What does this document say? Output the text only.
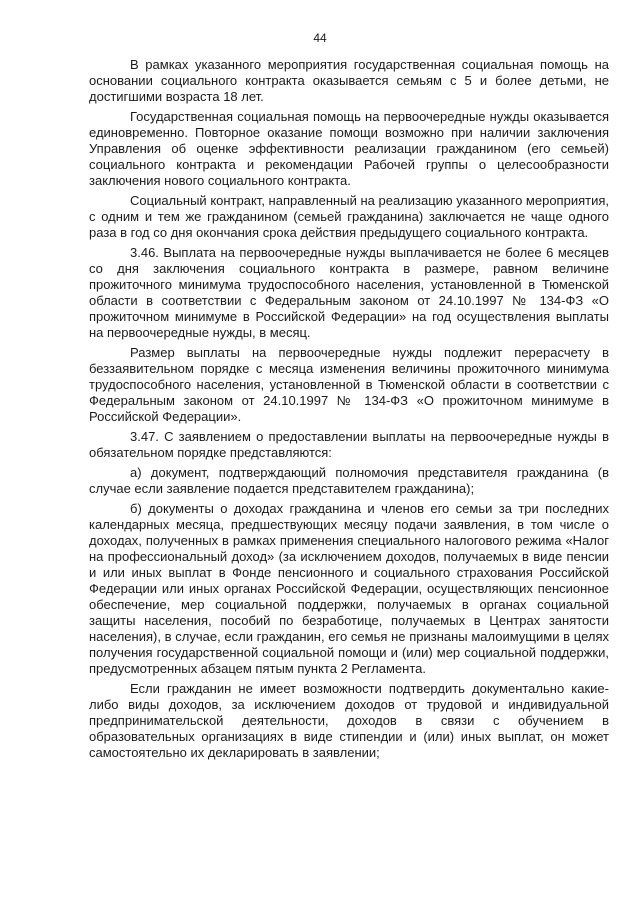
44

В рамках указанного мероприятия государственная социальная помощь на основании социального контракта оказывается семьям с 5 и более детьми, не достигшими возраста 18 лет.

Государственная социальная помощь на первоочередные нужды оказывается единовременно. Повторное оказание помощи возможно при наличии заключения Управления об оценке эффективности реализации гражданином (его семьей) социального контракта и рекомендации Рабочей группы о целесообразности заключения нового социального контракта.

Социальный контракт, направленный на реализацию указанного мероприятия, с одним и тем же гражданином (семьей гражданина) заключается не чаще одного раза в год со дня окончания срока действия предыдущего социального контракта.

3.46. Выплата на первоочередные нужды выплачивается не более 6 месяцев со дня заключения социального контракта в размере, равном величине прожиточного минимума трудоспособного населения, установленной в Тюменской области в соответствии с Федеральным законом от 24.10.1997 № 134-ФЗ «О прожиточном минимуме в Российской Федерации» на год осуществления выплаты на первоочередные нужды, в месяц.

Размер выплаты на первоочередные нужды подлежит перерасчету в беззаявительном порядке с месяца изменения величины прожиточного минимума трудоспособного населения, установленной в Тюменской области в соответствии с Федеральным законом от 24.10.1997 № 134-ФЗ «О прожиточном минимуме в Российской Федерации».

3.47. С заявлением о предоставлении выплаты на первоочередные нужды в обязательном порядке представляются:

а) документ, подтверждающий полномочия представителя гражданина (в случае если заявление подается представителем гражданина);

б) документы о доходах гражданина и членов его семьи за три последних календарных месяца, предшествующих месяцу подачи заявления, в том числе о доходах, полученных в рамках применения специального налогового режима «Налог на профессиональный доход» (за исключением доходов, получаемых в виде пенсии и или иных выплат в Фонде пенсионного и социального страхования Российской Федерации или иных органах Российской Федерации, осуществляющих пенсионное обеспечение, мер социальной поддержки, получаемых в органах социальной защиты населения, пособий по безработице, получаемых в Центрах занятости населения), в случае, если гражданин, его семья не признаны малоимущими в целях получения государственной социальной помощи и (или) мер социальной поддержки, предусмотренных абзацем пятым пункта 2 Регламента.

Если гражданин не имеет возможности подтвердить документально какие-либо виды доходов, за исключением доходов от трудовой и индивидуальной предпринимательской деятельности, доходов в связи с обучением в образовательных организациях в виде стипендии и (или) иных выплат, он может самостоятельно их декларировать в заявлении;
